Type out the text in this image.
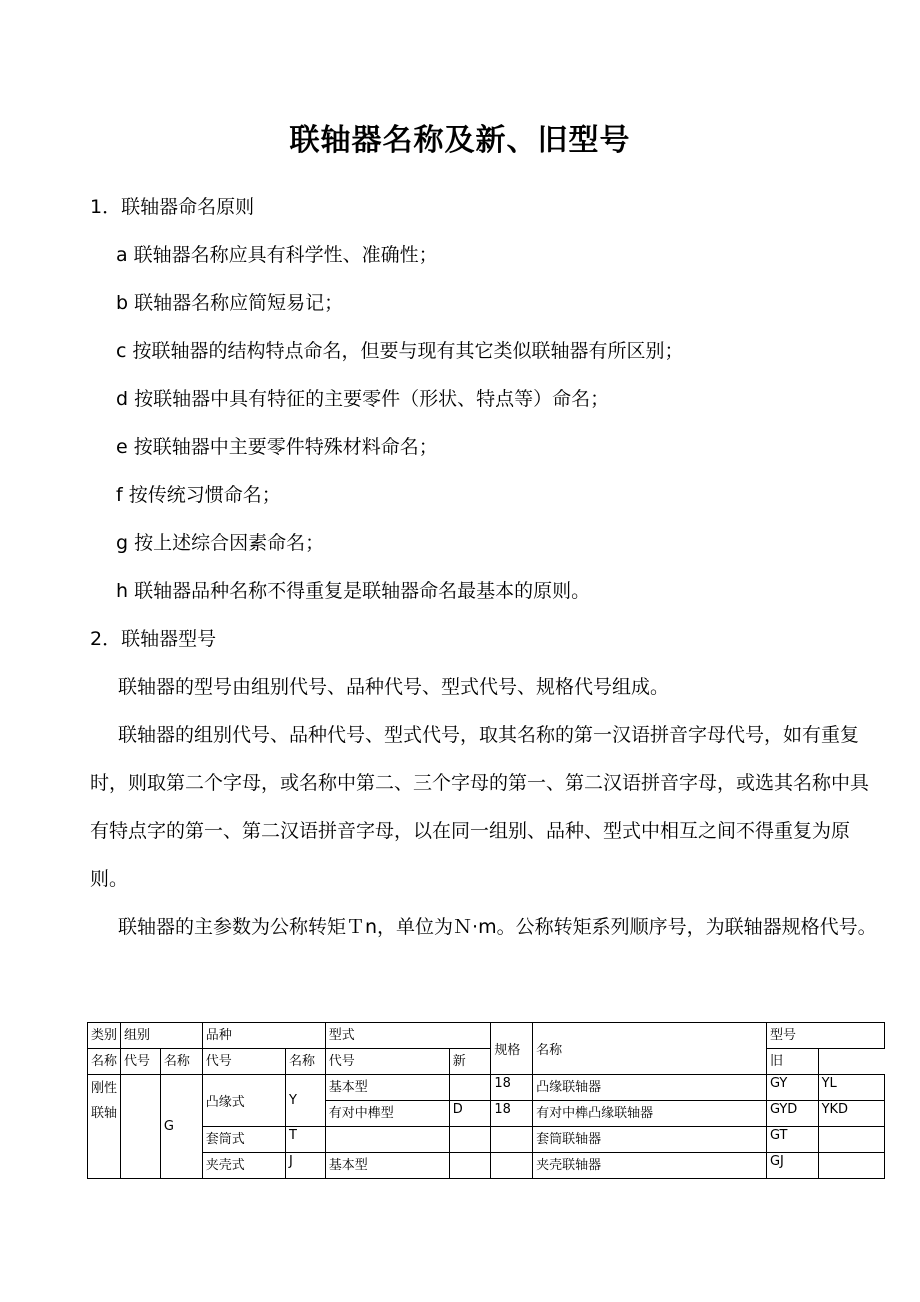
联轴器名称及新、旧型号
1．联轴器命名原则
a 联轴器名称应具有科学性、准确性；
b 联轴器名称应简短易记；
c 按联轴器的结构特点命名，但要与现有其它类似联轴器有所区别；
d 按联轴器中具有特征的主要零件（形状、特点等）命名；
e 按联轴器中主要零件特殊材料命名；
f 按传统习惯命名；
g 按上述综合因素命名；
h 联轴器品种名称不得重复是联轴器命名最基本的原则。
2．联轴器型号
联轴器的型号由组别代号、品种代号、型式代号、规格代号组成。
联轴器的组别代号、品种代号、型式代号，取其名称的第一汉语拼音字母代号，如有重复时，则取第二个字母，或名称中第二、三个字母的第一、第二汉语拼音字母，或选其名称中具有特点字的第一、第二汉语拼音字母，以在同一组别、品种、型式中相互之间不得重复为原则。
联轴器的主参数为公称转矩Ｔn，单位为Ｎ·m。公称转矩系列顺序号，为联轴器规格代号。
类别	组别		品种		型式		规格	名称	型号	
名称	代号	名称	代号	名称	代号	新			旧	
刚性联轴		G	凸缘式	Y	基本型		18	凸缘联轴器	GY	YL
					有对中榫型	D	18	有对中榫凸缘联轴器	GYD	YKD
			套筒式	T				套筒联轴器	GT	
			夹壳式	J	基本型			夹壳联轴器	GJ	
